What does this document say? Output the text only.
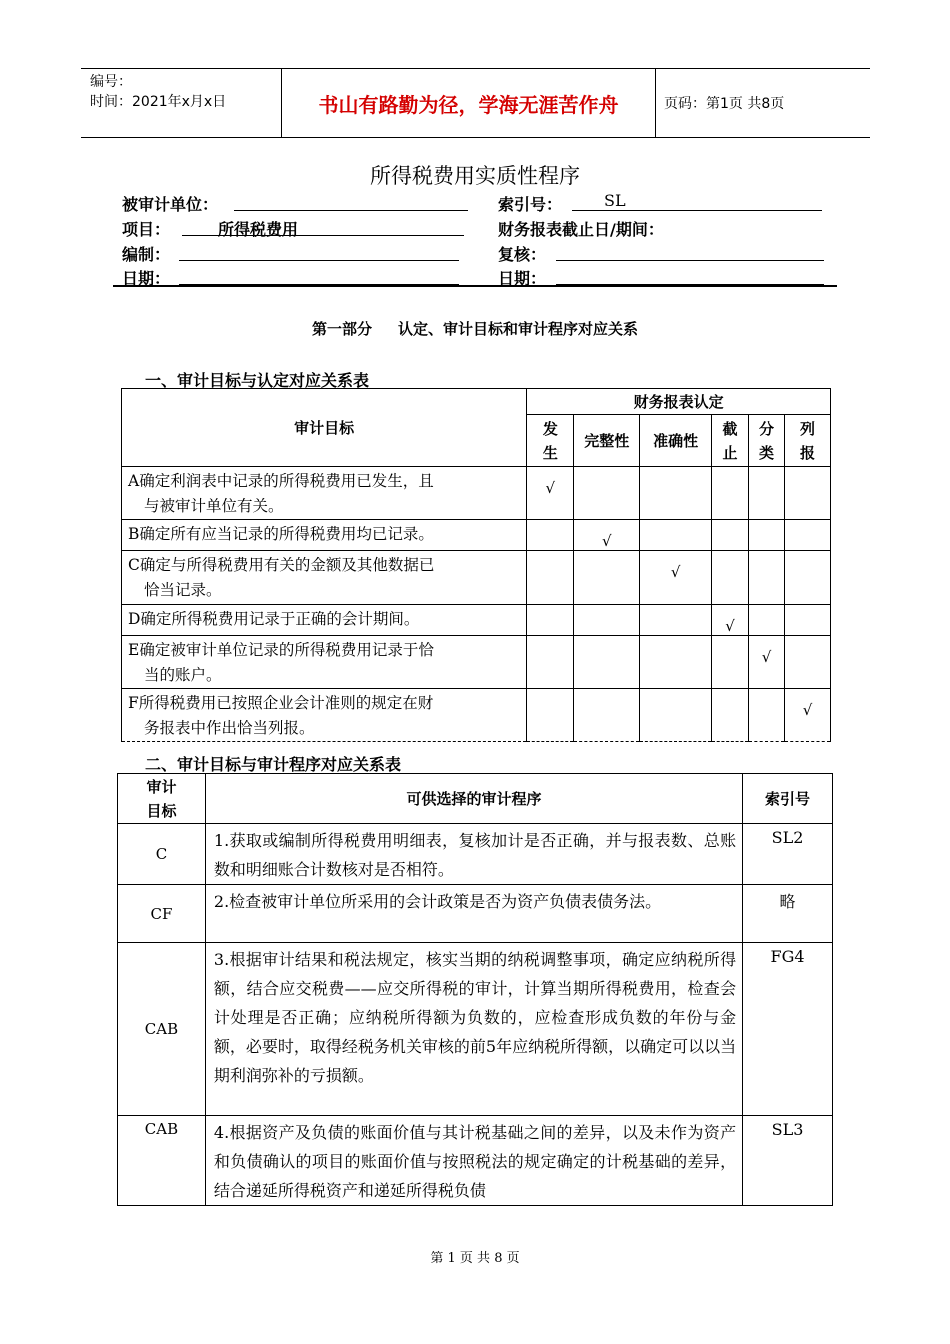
编号：
时间：2021年x月x日	书山有路勤为径，学海无涯苦作舟	页码：第1页 共8页
所得税费用实质性程序
被审计单位：	索引号：	SL
项目：	所得税费用	财务报表截止日/期间：
编制：	复核：
日期：	日期：
第一部分     认定、审计目标和审计程序对应关系
一、审计目标与认定对应关系表
审计目标	财务报表认定					
	发生	完整性	准确性	截止	分类	列报

A确定利润表中记录的所得税费用已发生，且
与被审计单位有关。	√					

B确定所有应当记录的所得税费用均已记录。		√				

C确定与所得税费用有关的金额及其他数据已
恰当记录。			√			

D确定所得税费用记录于正确的会计期间。				√		

E确定被审计单位记录的所得税费用记录于恰
当的账户。					√	

F所得税费用已按照企业会计准则的规定在财
务报表中作出恰当列报。						√
二、审计目标与审计程序对应关系表
审计
目标	可供选择的审计程序	索引号
C	1.获取或编制所得税费用明细表，复核加计是否正确，并与报表数、总账数和明细账合计数核对是否相符。	SL2
CF	2.检查被审计单位所采用的会计政策是否为资产负债表债务法。	略
CAB	3.根据审计结果和税法规定，核实当期的纳税调整事项，确定应纳税所得额，结合应交税费——应交所得税的审计，计算当期所得税费用，检查会计处理是否正确；应纳税所得额为负数的，应检查形成负数的年份与金额，必要时，取得经税务机关审核的前5年应纳税所得额，以确定可以以当期利润弥补的亏损额。	FG4
CAB	4.根据资产及负债的账面价值与其计税基础之间的差异，以及未作为资产和负债确认的项目的账面价值与按照税法的规定确定的计税基础的差异，结合递延所得税资产和递延所得税负债	SL3
第 1 页 共 8 页
